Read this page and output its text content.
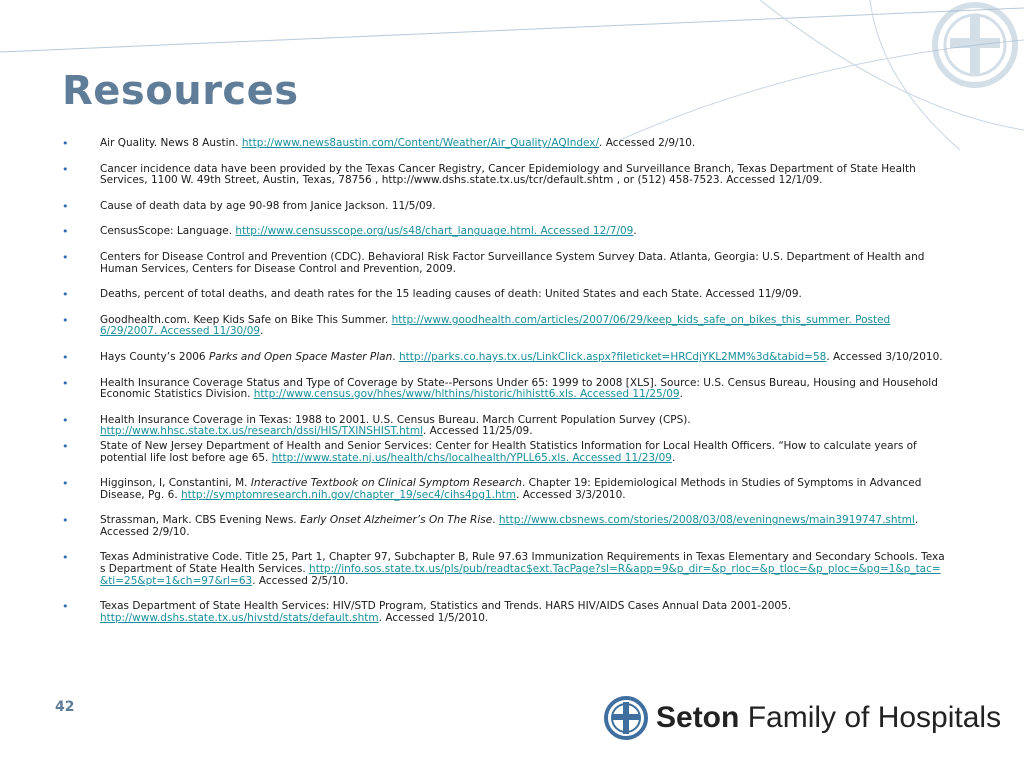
Resources
• Air Quality. News 8 Austin. http://www.news8austin.com/Content/Weather/Air_Quality/AQIndex/. Accessed 2/9/10.
• Cancer incidence data have been provided by the Texas Cancer Registry, Cancer Epidemiology and Surveillance Branch, Texas Department of State Health Services, 1100 W. 49th Street, Austin, Texas, 78756 , http://www.dshs.state.tx.us/tcr/default.shtm , or (512) 458-7523. Accessed 12/1/09.
• Cause of death data by age 90-98 from Janice Jackson. 11/5/09.
• CensusScope: Language. http://www.censusscope.org/us/s48/chart_language.html. Accessed 12/7/09.
• Centers for Disease Control and Prevention (CDC). Behavioral Risk Factor Surveillance System Survey Data. Atlanta, Georgia: U.S. Department of Health and Human Services, Centers for Disease Control and Prevention, 2009.
• Deaths, percent of total deaths, and death rates for the 15 leading causes of death: United States and each State. Accessed 11/9/09.
• Goodhealth.com. Keep Kids Safe on Bike This Summer. http://www.goodhealth.com/articles/2007/06/29/keep_kids_safe_on_bikes_this_summer. Posted 6/29/2007. Accessed 11/30/09.
• Hays County’s 2006 Parks and Open Space Master Plan. http://parks.co.hays.tx.us/LinkClick.aspx?fileticket=HRCdjYKL2MM%3d&tabid=58. Accessed 3/10/2010.
• Health Insurance Coverage Status and Type of Coverage by State--Persons Under 65: 1999 to 2008 [XLS]. Source: U.S. Census Bureau, Housing and Household Economic Statistics Division. http://www.census.gov/hhes/www/hlthins/historic/hihistt6.xls. Accessed 11/25/09.
• Health Insurance Coverage in Texas: 1988 to 2001. U.S. Census Bureau. March Current Population Survey (CPS). http://www.hhsc.state.tx.us/research/dssi/HIS/TXINSHIST.html. Accessed 11/25/09.
• State of New Jersey Department of Health and Senior Services: Center for Health Statistics Information for Local Health Officers. “How to calculate years of potential life lost before age 65. http://www.state.nj.us/health/chs/localhealth/YPLL65.xls. Accessed 11/23/09.
• Higginson, I, Constantini, M. Interactive Textbook on Clinical Symptom Research. Chapter 19: Epidemiological Methods in Studies of Symptoms in Advanced Disease, Pg. 6. http://symptomresearch.nih.gov/chapter_19/sec4/cihs4pg1.htm. Accessed 3/3/2010.
• Strassman, Mark. CBS Evening News. Early Onset Alzheimer’s On The Rise. http://www.cbsnews.com/stories/2008/03/08/eveningnews/main3919747.shtml. Accessed 2/9/10.
• Texas Administrative Code. Title 25, Part 1, Chapter 97, Subchapter B, Rule 97.63 Immunization Requirements in Texas Elementary and Secondary Schools. Texas Department of State Health Services. http://info.sos.state.tx.us/pls/pub/readtac$ext.TacPage?sl=R&app=9&p_dir=&p_rloc=&p_tloc=&p_ploc=&pg=1&p_tac=&ti=25&pt=1&ch=97&rl=63. Accessed 2/5/10.
• Texas Department of State Health Services: HIV/STD Program, Statistics and Trends. HARS HIV/AIDS Cases Annual Data 2001-2005. http://www.dshs.state.tx.us/hivstd/stats/default.shtm. Accessed 1/5/2010.
42	Seton Family of Hospitals
